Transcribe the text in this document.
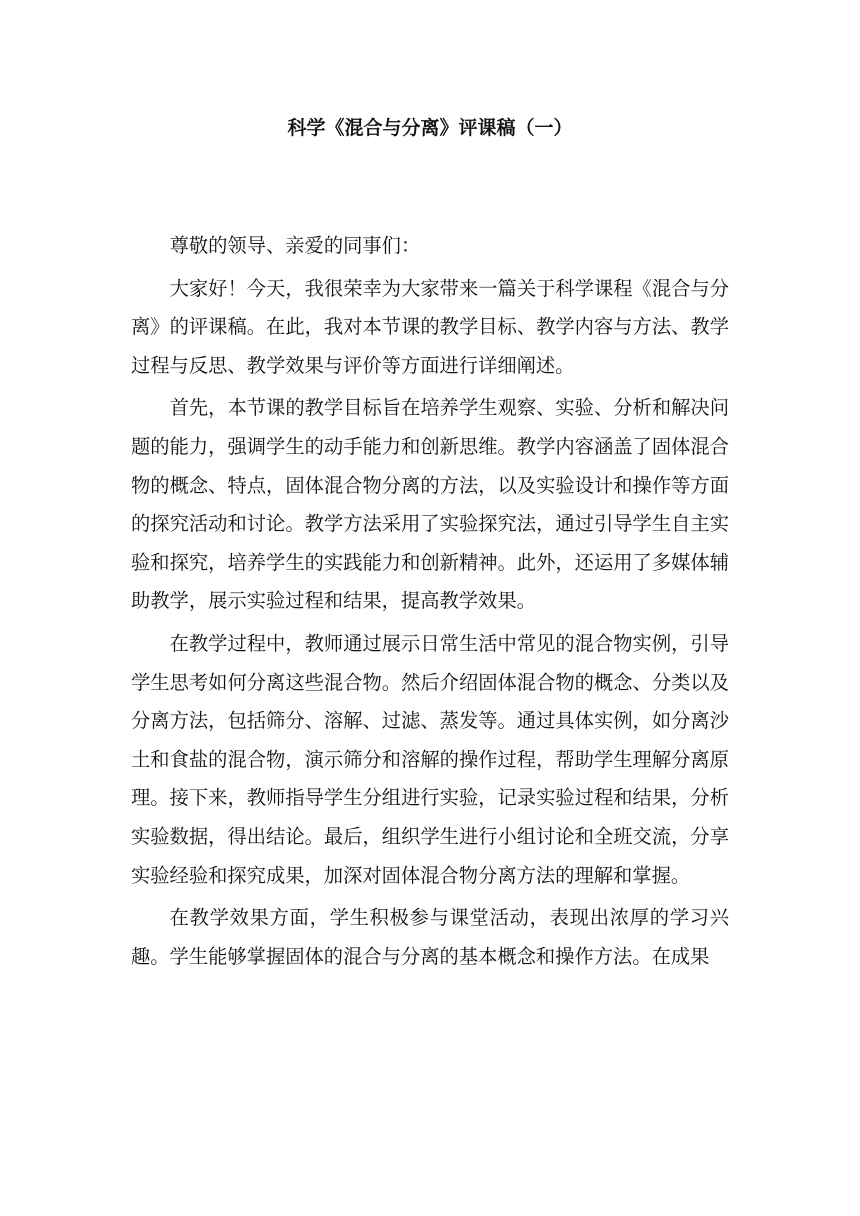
科学《混合与分离》评课稿（一）

尊敬的领导、亲爱的同事们：

大家好！今天，我很荣幸为大家带来一篇关于科学课程《混合与分离》的评课稿。在此，我对本节课的教学目标、教学内容与方法、教学过程与反思、教学效果与评价等方面进行详细阐述。

首先，本节课的教学目标旨在培养学生观察、实验、分析和解决问题的能力，强调学生的动手能力和创新思维。教学内容涵盖了固体混合物的概念、特点，固体混合物分离的方法，以及实验设计和操作等方面的探究活动和讨论。教学方法采用了实验探究法，通过引导学生自主实验和探究，培养学生的实践能力和创新精神。此外，还运用了多媒体辅助教学，展示实验过程和结果，提高教学效果。

在教学过程中，教师通过展示日常生活中常见的混合物实例，引导学生思考如何分离这些混合物。然后介绍固体混合物的概念、分类以及分离方法，包括筛分、溶解、过滤、蒸发等。通过具体实例，如分离沙土和食盐的混合物，演示筛分和溶解的操作过程，帮助学生理解分离原理。接下来，教师指导学生分组进行实验，记录实验过程和结果，分析实验数据，得出结论。最后，组织学生进行小组讨论和全班交流，分享实验经验和探究成果，加深对固体混合物分离方法的理解和掌握。

在教学效果方面，学生积极参与课堂活动，表现出浓厚的学习兴趣。学生能够掌握固体的混合与分离的基本概念和操作方法。在成果
